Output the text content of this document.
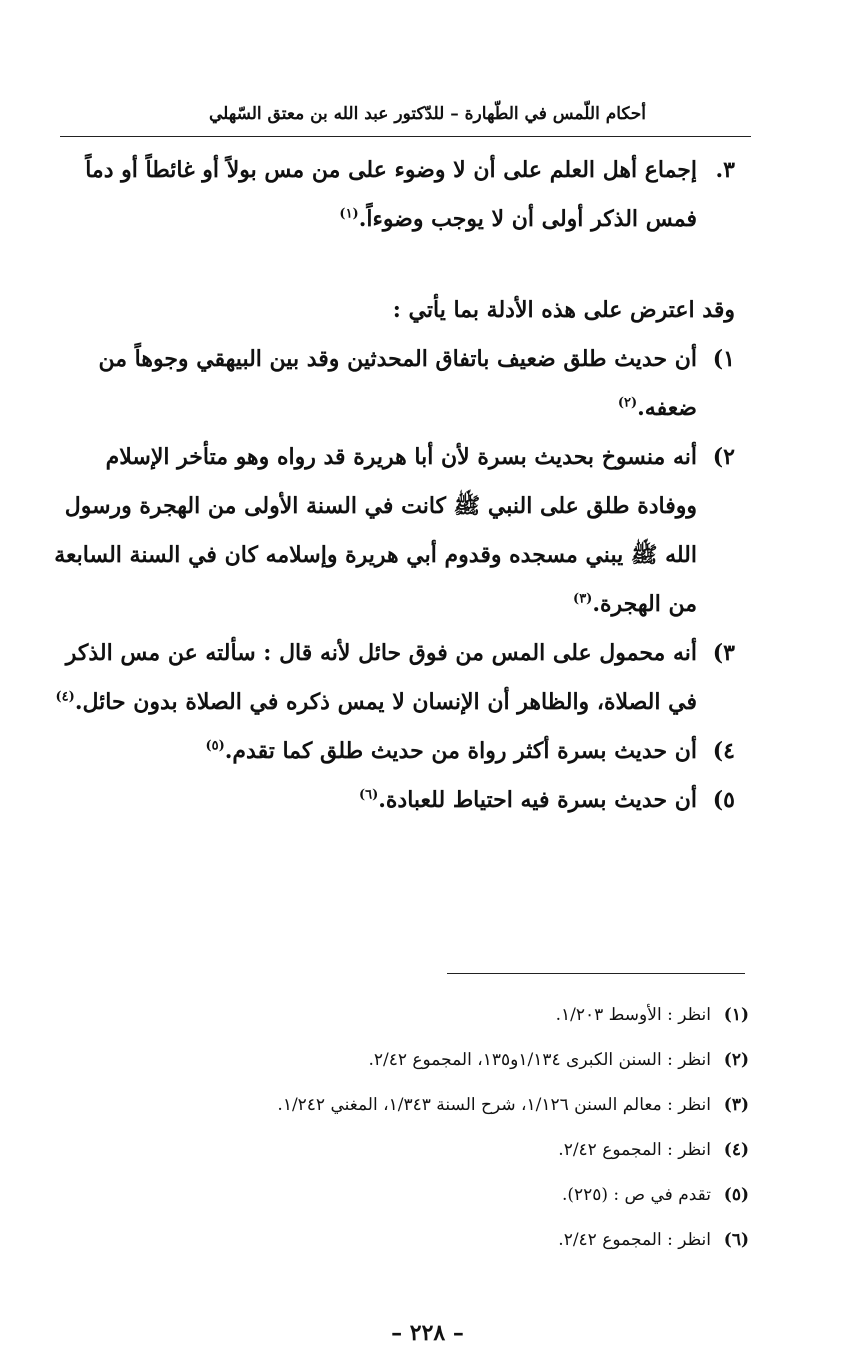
أحكام اللّمس في الطّهارة – للدّكتور عبد الله بن معتق السّهلي

٣.
إجماع أهل العلم على أن لا وضوء على من مس بولاً أو غائطاً أو دماً فمس الذكر أولى أن لا يوجب وضوءاً.$^{(١)}$

وقد اعترض على هذه الأدلة بما يأتي :

١)
أن حديث طلق ضعيف باتفاق المحدثين وقد بين البيهقي وجوهاً من ضعفه.$^{(٢)}$

٢)
أنه منسوخ بحديث بسرة لأن أبا هريرة قد رواه وهو متأخر الإسلام ووفادة طلق على النبي ﷺ كانت في السنة الأولى من الهجرة ورسول الله ﷺ يبني مسجده وقدوم أبي هريرة وإسلامه كان في السنة السابعة من الهجرة.$^{(٣)}$

٣)
أنه محمول على المس من فوق حائل لأنه قال : سألته عن مس الذكر في الصلاة، والظاهر أن الإنسان لا يمس ذكره في الصلاة بدون حائل.$^{(٤)}$

٤)
أن حديث بسرة أكثر رواة من حديث طلق كما تقدم.$^{(٥)}$

٥)
أن حديث بسرة فيه احتياط للعبادة.$^{(٦)}$

(١)
انظر : الأوسط ١/٢٠٣.
(٢)
انظر : السنن الكبرى ١/١٣٤و١٣٥، المجموع ٢/٤٢.
(٣)
انظر : معالم السنن ١/١٢٦، شرح السنة ١/٣٤٣، المغني ١/٢٤٢.
(٤)
انظر : المجموع ٢/٤٢.
(٥)
تقدم في ص : (٢٢٥).
(٦)
انظر : المجموع ٢/٤٢.
– ٢٢٨ –
